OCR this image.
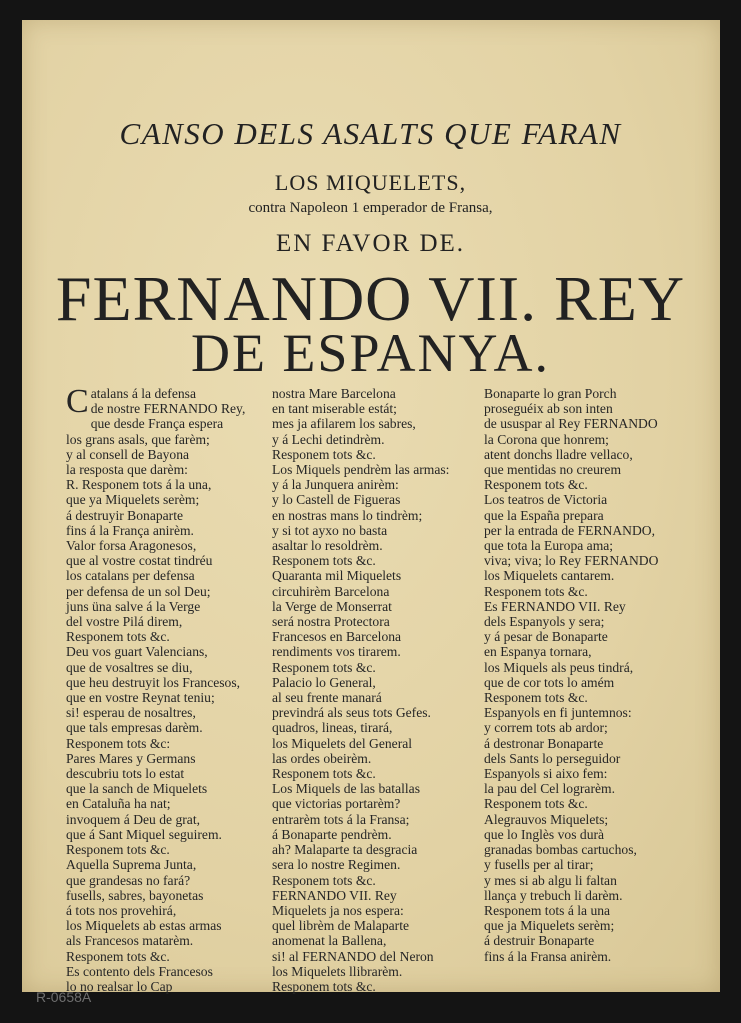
CANSO DELS ASALTS QUE FARAN
LOS MIQUELETS,
contra Napoleon 1 emperador de Fransa,
EN FAVOR DE.
FERNANDO VII. REY
DE ESPANYA.
C atalans á la defensa
de nostre FERNANDO Rey,
que desde França espera
los grans asals, que farèm;
y al consell de Bayona
la resposta que darèm:
R. Responem tots á la una,
que ya Miquelets serèm;
á destruyir Bonaparte
fins á la França anirèm.
Valor forsa Aragonesos,
que al vostre costat tindréu
los catalans per defensa
per defensa de un sol Deu;
juns üna salve á la Verge
del vostre Pilá direm,
Responem tots &c.
Deu vos guart Valencians,
que de vosaltres se diu,
que heu destruyit los Francesos,
que en vostre Reynat teniu;
si! esperau de nosaltres,
que tals empresas darèm.
Responem tots &c:
Pares Mares y Germans
descubriu tots lo estat
que la sanch de Miquelets
en Cataluña ha nat;
invoquem á Deu de grat,
que á Sant Miquel seguirem.
Responem tots &c.
Aquella Suprema Junta,
que grandesas no fará?
fusells, sabres, bayonetas
á tots nos provehirá,
los Miquelets ab estas armas
als Francesos matarèm.
Responem tots &c.
Es contento dels Francesos
lo no realsar lo Cap
nostra Mare Barcelona
en tant miserable estát;
mes ja afilarem los sabres,
y á Lechi detindrèm.
Responem tots &c.
Los Miquels pendrèm las armas:
y á la Junquera anirèm:
y lo Castell de Figueras
en nostras mans lo tindrèm;
y si tot ayxo no basta
asaltar lo resoldrèm.
Responem tots &c.
Quaranta mil Miquelets
circuhirèm Barcelona
la Verge de Monserrat
será nostra Protectora
Francesos en Barcelona
rendiments vos tirarem.
Responem tots &c.
Palacio lo General,
al seu frente manará
previndrá als seus tots Gefes.
quadros, lineas, tirará,
los Miquelets del General
las ordes obeirèm.
Responem tots &c.
Los Miquels de las batallas
que victorias portarèm?
entrarèm tots á la Fransa;
á Bonaparte pendrèm.
ah? Malaparte ta desgracia
sera lo nostre Regimen.
Responem tots &c.
FERNANDO VII. Rey
Miquelets ja nos espera:
quel librèm de Malaparte
anomenat la Ballena,
si! al FERNANDO del Neron
los Miquelets llibrarèm.
Responem tots &c.
Bonaparte lo gran Porch
proseguéix ab son inten
de ususpar al Rey FERNANDO
la Corona que honrem;
atent donchs lladre vellaco,
que mentidas no creurem
Responem tots &c.
Los teatros de Victoria
que la España prepara
per la entrada de FERNANDO,
que tota la Europa ama;
viva; viva; lo Rey FERNANDO
los Miquelets cantarem.
Responem tots &c.
Es FERNANDO VII. Rey
dels Espanyols y sera;
y á pesar de Bonaparte
en Espanya tornara,
los Miquels als peus tindrá,
que de cor tots lo amém
Responem tots &c.
Espanyols en fi juntemnos:
y correm tots ab ardor;
á destronar Bonaparte
dels Sants lo perseguidor
Espanyols si aixo fem:
la pau del Cel lograrèm.
Responem tots &c.
Alegrauvos Miquelets;
que lo Inglès vos durà
granadas bombas cartuchos,
y fusells per al tirar;
y mes si ab algu li faltan
llança y trebuch li darèm.
Responem tots á la una
que ja Miquelets serèm;
á destruir Bonaparte
fins á la Fransa anirèm.
R-0658A
